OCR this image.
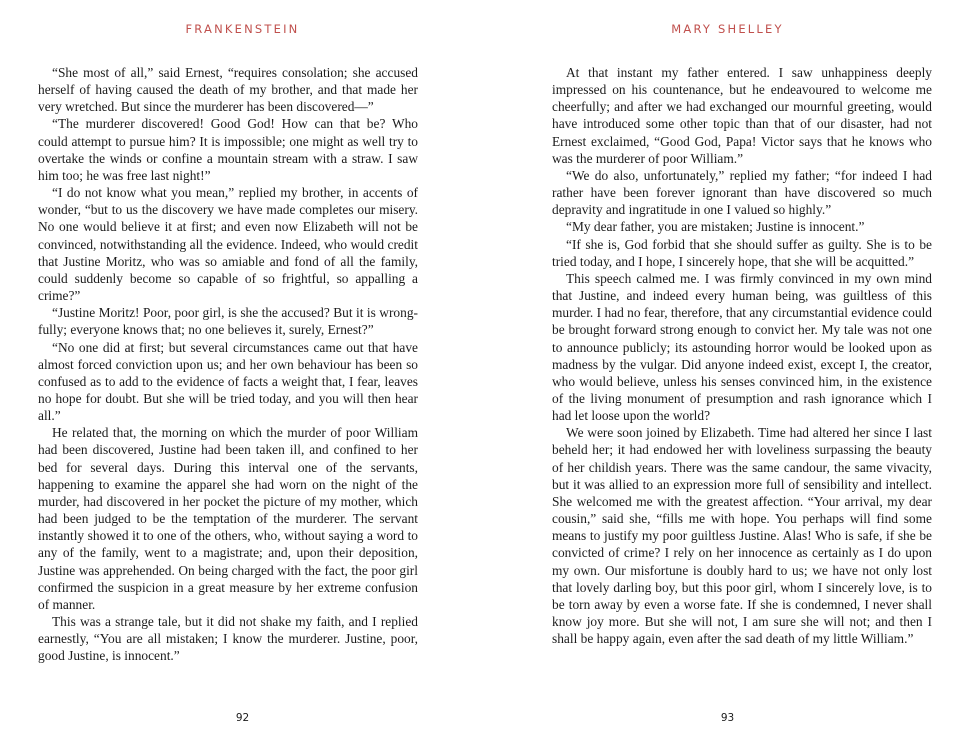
FRANKENSTEIN

“She most of all,” said Ernest, “requires consolation; she accused herself of having caused the death of my brother, and that made her very wretched. But since the murderer has been discovered—”

“The murderer discovered! Good God! How can that be? Who could attempt to pursue him? It is impossible; one might as well try to overtake the winds or confine a mountain stream with a straw. I saw him too; he was free last night!”

“I do not know what you mean,” replied my brother, in accents of wonder, “but to us the discovery we have made completes our misery. No one would believe it at first; and even now Elizabeth will not be convinced, notwithstanding all the evidence. Indeed, who would credit that Justine Moritz, who was so amiable and fond of all the family, could suddenly become so capable of so frightful, so appalling a crime?”

“Justine Moritz! Poor, poor girl, is she the accused? But it is wrongfully; everyone knows that; no one believes it, surely, Ernest?”

“No one did at first; but several circumstances came out that have almost forced conviction upon us; and her own behaviour has been so confused as to add to the evidence of facts a weight that, I fear, leaves no hope for doubt. But she will be tried today, and you will then hear all.”

He related that, the morning on which the murder of poor William had been discovered, Justine had been taken ill, and confined to her bed for several days. During this interval one of the servants, happening to examine the apparel she had worn on the night of the murder, had discovered in her pocket the picture of my mother, which had been judged to be the temptation of the murderer. The servant instantly showed it to one of the others, who, without saying a word to any of the family, went to a magistrate; and, upon their deposition, Justine was apprehended. On being charged with the fact, the poor girl confirmed the suspicion in a great measure by her extreme confusion of manner.

This was a strange tale, but it did not shake my faith, and I replied earnestly, “You are all mistaken; I know the murderer. Justine, poor, good Justine, is innocent.”

92
MARY SHELLEY

At that instant my father entered. I saw unhappiness deeply impressed on his countenance, but he endeavoured to welcome me cheerfully; and after we had exchanged our mournful greeting, would have introduced some other topic than that of our disaster, had not Ernest exclaimed, “Good God, Papa! Victor says that he knows who was the murderer of poor William.”

“We do also, unfortunately,” replied my father; “for indeed I had rather have been forever ignorant than have discovered so much depravity and ingratitude in one I valued so highly.”

“My dear father, you are mistaken; Justine is innocent.”

“If she is, God forbid that she should suffer as guilty. She is to be tried today, and I hope, I sincerely hope, that she will be acquitted.”

This speech calmed me. I was firmly convinced in my own mind that Justine, and indeed every human being, was guiltless of this murder. I had no fear, therefore, that any circumstantial evidence could be brought forward strong enough to convict her. My tale was not one to announce publicly; its astounding horror would be looked upon as madness by the vulgar. Did anyone indeed exist, except I, the creator, who would believe, unless his senses convinced him, in the existence of the living monument of presumption and rash ignorance which I had let loose upon the world?

We were soon joined by Elizabeth. Time had altered her since I last beheld her; it had endowed her with loveliness surpassing the beauty of her childish years. There was the same candour, the same vivacity, but it was allied to an expression more full of sensibility and intellect. She welcomed me with the greatest affection. “Your arrival, my dear cousin,” said she, “fills me with hope. You perhaps will find some means to justify my poor guiltless Justine. Alas! Who is safe, if she be convicted of crime? I rely on her innocence as certainly as I do upon my own. Our misfortune is doubly hard to us; we have not only lost that lovely darling boy, but this poor girl, whom I sincerely love, is to be torn away by even a worse fate. If she is condemned, I never shall know joy more. But she will not, I am sure she will not; and then I shall be happy again, even after the sad death of my little William.”

93
